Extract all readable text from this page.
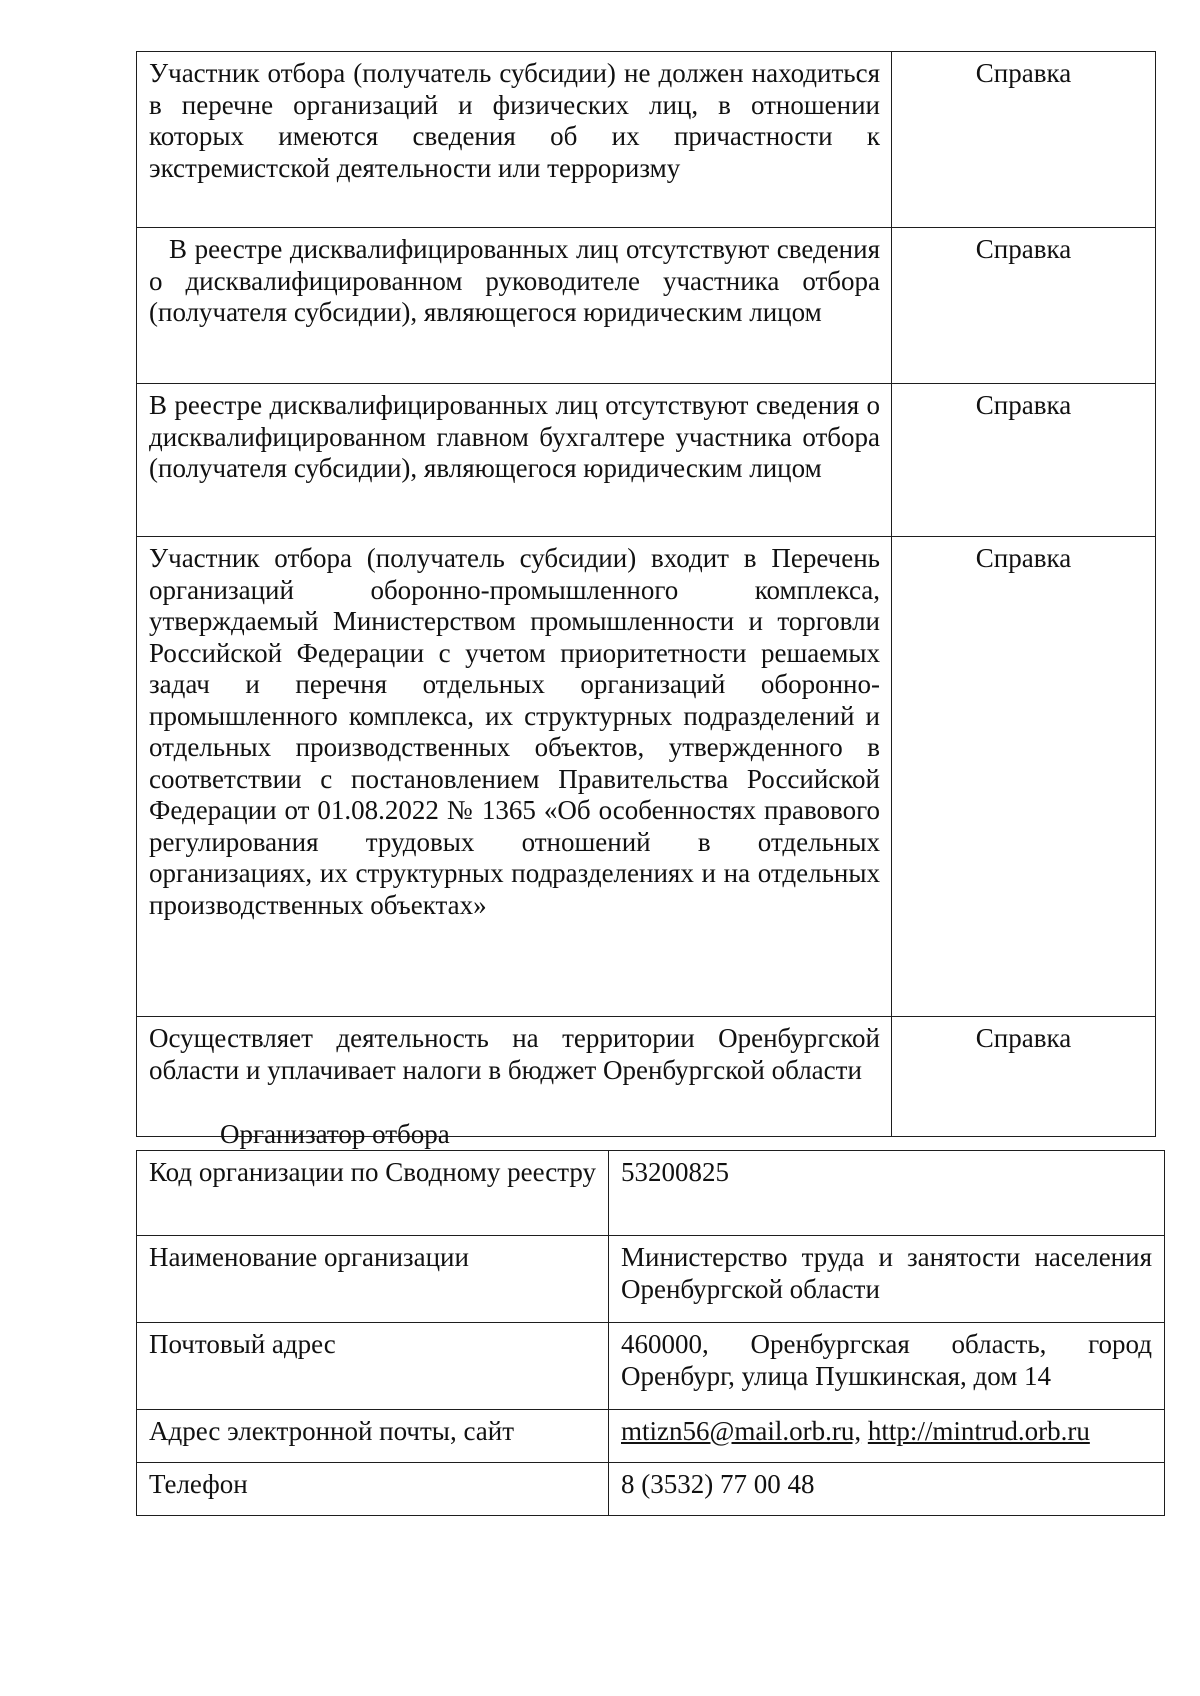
Участник отбора (получатель субсидии) не должен находиться в перечне организаций и физических лиц, в отношении которых имеются сведения об их причастности к экстремистской деятельности или терроризму	Справка
В реестре дисквалифицированных лиц отсутствуют сведения о дисквалифицированном руководителе участника отбора (получателя субсидии), являющегося юридическим лицом	Справка
В реестре дисквалифицированных лиц отсутствуют сведения о дисквалифицированном главном бухгалтере участника отбора (получателя субсидии), являющегося юридическим лицом	Справка
Участник отбора (получатель субсидии) входит в Перечень организаций оборонно-промышленного комплекса, утверждаемый Министерством промышленности и торговли Российской Федерации с учетом приоритетности решаемых задач и перечня отдельных организаций оборонно-промышленного комплекса, их структурных подразделений и отдельных производственных объектов, утвержденного в соответствии с постановлением Правительства Российской Федерации от 01.08.2022 № 1365 «Об особенностях правового регулирования трудовых отношений в отдельных организациях, их структурных подразделениях и на отдельных производственных объектах»	Справка
Осуществляет деятельность на территории Оренбургской области и уплачивает налоги в бюджет Оренбургской области	Справка

Организатор отбора

Код организации по Сводному реестру	53200825
Наименование организации	Министерство труда и занятости населения Оренбургской области
Почтовый адрес	460000, Оренбургская область, город Оренбург, улица Пушкинская, дом 14
Адрес электронной почты, сайт	mtizn56@mail.orb.ru, http://mintrud.orb.ru
Телефон	8 (3532) 77 00 48
